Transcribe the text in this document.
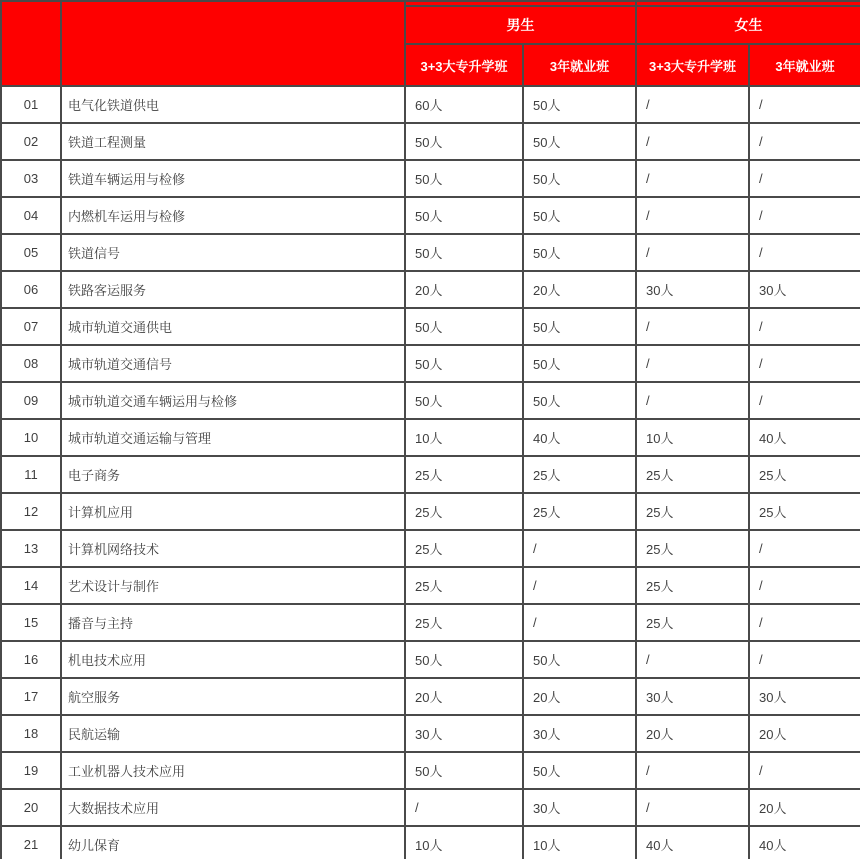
		男生		女生	
		3+3大专升学班	3年就业班	3+3大专升学班	3年就业班
01	电气化铁道供电	60人	50人	/	/
02	铁道工程测量	50人	50人	/	/
03	铁道车辆运用与检修	50人	50人	/	/
04	内燃机车运用与检修	50人	50人	/	/
05	铁道信号	50人	50人	/	/
06	铁路客运服务	20人	20人	30人	30人
07	城市轨道交通供电	50人	50人	/	/
08	城市轨道交通信号	50人	50人	/	/
09	城市轨道交通车辆运用与检修	50人	50人	/	/
10	城市轨道交通运输与管理	10人	40人	10人	40人
11	电子商务	25人	25人	25人	25人
12	计算机应用	25人	25人	25人	25人
13	计算机网络技术	25人	/	25人	/
14	艺术设计与制作	25人	/	25人	/
15	播音与主持	25人	/	25人	/
16	机电技术应用	50人	50人	/	/
17	航空服务	20人	20人	30人	30人
18	民航运输	30人	30人	20人	20人
19	工业机器人技术应用	50人	50人	/	/
20	大数据技术应用	/	30人	/	20人
21	幼儿保育	10人	10人	40人	40人
